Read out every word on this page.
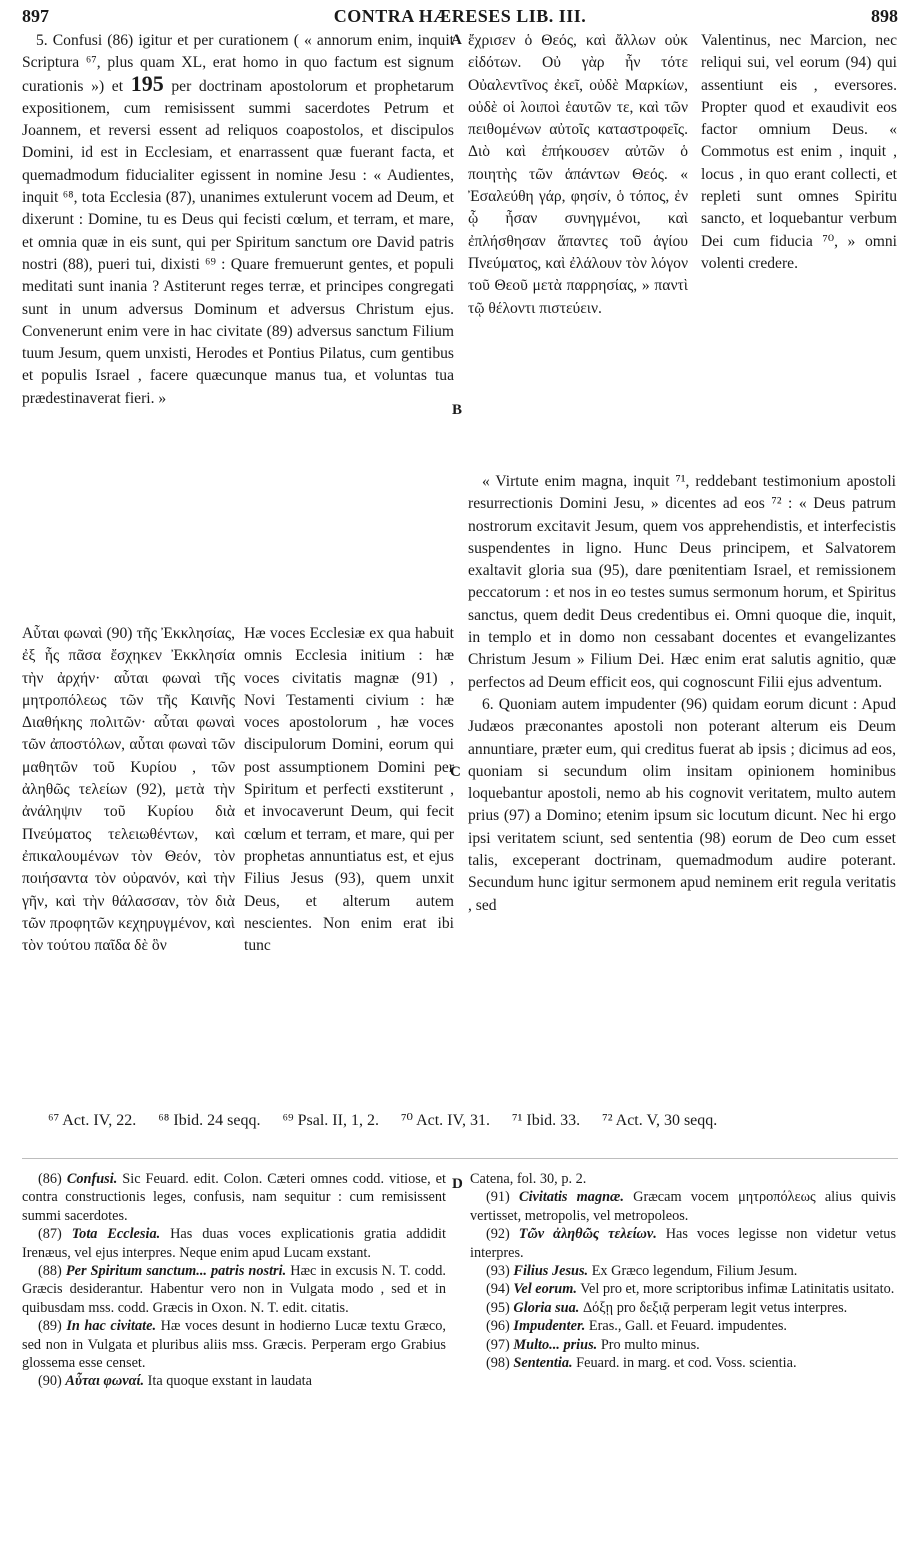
897	CONTRA HÆRESES LIB. III.	898
A
B
C
D

5. Confusi (86) igitur et per curationem ( « annorum enim, inquit Scriptura ⁶⁷, plus quam XL, erat homo in quo factum est signum curationis ») et 195 per doctrinam apostolorum et prophetarum expositionem, cum remisissent summi sacerdotes Petrum et Joannem, et reversi essent ad reliquos coapostolos, et discipulos Domini, id est in Ecclesiam, et enarrassent quæ fuerant facta, et quemadmodum fiducialiter egissent in nomine Jesu : « Audientes, inquit ⁶⁸, tota Ecclesia (87), unanimes extulerunt vocem ad Deum, et dixerunt : Domine, tu es Deus qui fecisti cœlum, et terram, et mare, et omnia quæ in eis sunt, qui per Spiritum sanctum ore David patris nostri (88), pueri tui, dixisti ⁶⁹ : Quare fremuerunt gentes, et populi meditati sunt inania ? Astiterunt reges terræ, et principes congregati sunt in unum adversus Dominum et adversus Christum ejus. Convenerunt enim vere in hac civitate (89) adversus sanctum Filium tuum Jesum, quem unxisti, Herodes et Pontius Pilatus, cum gentibus et populis Israel , facere quæcunque manus tua, et voluntas tua prædestinaverat fieri. »

ἔχρισεν ὁ Θεός, καὶ ἄλλων οὐκ εἰδότων. Οὐ γὰρ ἦν τότε Οὐαλεντῖνος ἐκεῖ, οὐδὲ Μαρκίων, οὐδὲ οἱ λοιποὶ ἑαυτῶν τε, καὶ τῶν πειθομένων αὐτοῖς καταστροφεῖς. Διὸ καὶ ἐπήκουσεν αὐτῶν ὁ ποιητὴς τῶν ἁπάντων Θεός. « Ἐσαλεύθη γάρ, φησίν, ὁ τόπος, ἐν ᾧ ἦσαν συνηγμένοι, καὶ ἐπλήσθησαν ἅπαντες τοῦ ἁγίου Πνεύματος, καὶ ἐλάλουν τὸν λόγον τοῦ Θεοῦ μετὰ παρρησίας, » παντὶ τῷ θέλοντι πιστεύειν.

Valentinus, nec Marcion, nec reliqui sui, vel eorum (94) qui assentiunt eis , eversores. Propter quod et exaudivit eos factor omnium Deus. « Commotus est enim , inquit , locus , in quo erant collecti, et repleti sunt omnes Spiritu sancto, et loquebantur verbum Dei cum fiducia ⁷⁰, » omni volenti credere.

Αὗται φωναὶ (90) τῆς Ἐκκλησίας, ἐξ ἧς πᾶσα ἔσχηκεν Ἐκκλησία τὴν ἀρχήν· αὗται φωναὶ τῆς μητροπόλεως τῶν τῆς Καινῆς Διαθήκης πολιτῶν· αὗται φωναὶ τῶν ἀποστόλων, αὗται φωναὶ τῶν μαθητῶν τοῦ Κυρίου , τῶν ἀληθῶς τελείων (92), μετὰ τὴν ἀνάληψιν τοῦ Κυρίου διὰ Πνεύματος τελειωθέντων, καὶ ἐπικαλουμένων τὸν Θεόν, τὸν ποιήσαντα τὸν οὐρανόν, καὶ τὴν γῆν, καὶ τὴν θάλασσαν, τὸν διὰ τῶν προφητῶν κεχηρυγμένον, καὶ τὸν τούτου παῖδα δὲ ὃν

Hæ voces Ecclesiæ ex qua habuit omnis Ecclesia initium : hæ voces civitatis magnæ (91) , Novi Testamenti civium : hæ voces apostolorum , hæ voces discipulorum Domini, eorum qui post assumptionem Domini per Spiritum et perfecti exstiterunt , et invocaverunt Deum, qui fecit cœlum et terram, et mare, qui per prophetas annuntiatus est, et ejus Filius Jesus (93), quem unxit Deus, et alterum autem nescientes. Non enim erat ibi tunc

« Virtute enim magna, inquit ⁷¹, reddebant testimonium apostoli resurrectionis Domini Jesu, » dicentes ad eos ⁷² : « Deus patrum nostrorum excitavit Jesum, quem vos apprehendistis, et interfecistis suspendentes in ligno. Hunc Deus principem, et Salvatorem exaltavit gloria sua (95), dare pœnitentiam Israel, et remissionem peccatorum : et nos in eo testes sumus sermonum horum, et Spiritus sanctus, quem dedit Deus credentibus ei. Omni quoque die, inquit, in templo et in domo non cessabant docentes et evangelizantes Christum Jesum » Filium Dei. Hæc enim erat salutis agnitio, quæ perfectos ad Deum efficit eos, qui cognoscunt Filii ejus adventum.

6. Quoniam autem impudenter (96) quidam eorum dicunt : Apud Judæos præconantes apostoli non poterant alterum eis Deum annuntiare, præter eum, qui creditus fuerat ab ipsis ; dicimus ad eos, quoniam si secundum olim insitam opinionem hominibus loquebantur apostoli, nemo ab his cognovit veritatem, multo autem prius (97) a Domino; etenim ipsum sic locutum dicunt. Nec hi ergo ipsi veritatem sciunt, sed sententia (98) eorum de Deo cum esset talis, exceperant doctrinam, quemadmodum audire poterant. Secundum hunc igitur sermonem apud neminem erit regula veritatis , sed

⁶⁷ Act. IV, 22. ⁶⁸ Ibid. 24 seqq. ⁶⁹ Psal. II, 1, 2. ⁷⁰ Act. IV, 31. ⁷¹ Ibid. 33. ⁷² Act. V, 30 seqq.

(86) Confusi. Sic Feuard. edit. Colon. Cæteri omnes codd. vitiose, et contra constructionis leges, confusis, nam sequitur : cum remisissent summi sacerdotes.

(87) Tota Ecclesia. Has duas voces explicationis gratia addidit Irenæus, vel ejus interpres. Neque enim apud Lucam exstant.

(88) Per Spiritum sanctum... patris nostri. Hæc in excusis N. T. codd. Græcis desiderantur. Habentur vero non in Vulgata modo , sed et in quibusdam mss. codd. Græcis in Oxon. N. T. edit. citatis.

(89) In hac civitate. Hæ voces desunt in hodierno Lucæ textu Græco, sed non in Vulgata et pluribus aliis mss. Græcis. Perperam ergo Grabius glossema esse censet.

(90) Αὗται φωναί. Ita quoque exstant in laudata

Catena, fol. 30, p. 2.

(91) Civitatis magnæ. Græcam vocem μητροπόλεως alius quivis vertisset, metropolis, vel metropoleos.

(92) Τῶν ἀληθῶς τελείων. Has voces legisse non videtur vetus interpres.

(93) Filius Jesus. Ex Græco legendum, Filium Jesum.

(94) Vel eorum. Vel pro et, more scriptoribus infimæ Latinitatis usitato.

(95) Gloria sua. Δόξῃ pro δεξιᾷ perperam legit vetus interpres.

(96) Impudenter. Eras., Gall. et Feuard. impudentes.

(97) Multo... prius. Pro multo minus.

(98) Sententia. Feuard. in marg. et cod. Voss. scientia.
